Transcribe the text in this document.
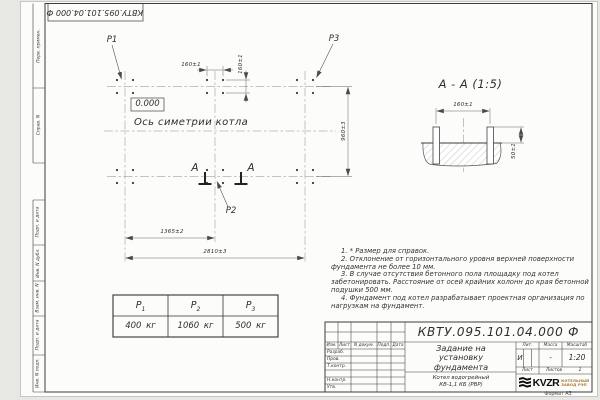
КВТУ.095.101.04.000 Ф
Перв. примен.
Справ. N
Подп. и дата
Инв. N дубл.
Взам. инв. N
Подп. и дата
Инв. N подл.
P1	P3
P2
0.000
Ось симетрии котла
160±1	160±1
960±3
1365±2
2810±3
А	А
А - А (1:5)
160±1
50±1

1. * Размер для справок.

2. Отклонение от горизонтального уровня верхней поверхности фундамента не более 10 мм.

3. В случае отсутствия бетонного пола площадку под котел забетонировать. Расстояние от осей крайних колонн до края бетонной подушки 500 мм.

4. Фундамент под котел разрабатывает проектная организация по нагрузкам на фундамент.

$P_1$	$P_2$	$P_3$
400 кг	1060 кг	500 кг	КВТУ.095.101.04.000 Ф
Изм. Лист N докум. Подп. Дата
Разраб.
Пров.
Т.контр.
Н.контр.
Утв.
Задание на
установку
фундамента
Котел водогрейный
КВ-1,1 КБ (РВР)
Лит.	Масса	Масштаб
И	-	1:20
Лист	Листов	1
KVZR КОТЕЛЬНЫЙ
ЗАВОД РЭП
Формат А3
